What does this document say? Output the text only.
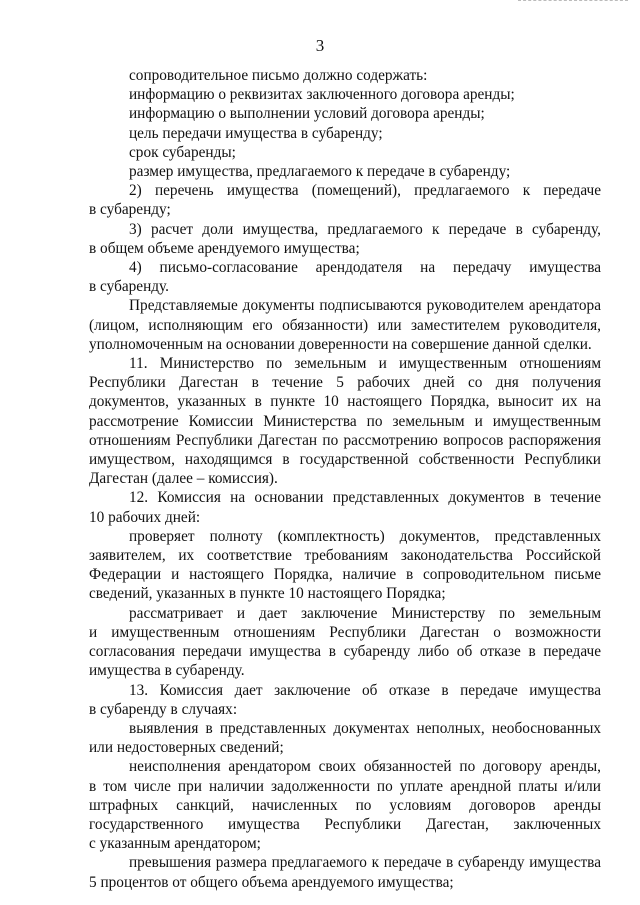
3
сопроводительное письмо должно содержать:
информацию о реквизитах заключенного договора аренды;
информацию о выполнении условий договора аренды;
цель передачи имущества в субаренду;
срок субаренды;
размер имущества, предлагаемого к передаче в субаренду;
2) перечень имущества (помещений), предлагаемого к передаче
в субаренду;
3) расчет доли имущества, предлагаемого к передаче в субаренду,
в общем объеме арендуемого имущества;
4) письмо-согласование арендодателя на передачу имущества
в субаренду.
Представляемые документы подписываются руководителем арендатора
(лицом, исполняющим его обязанности) или заместителем руководителя,
уполномоченным на основании доверенности на совершение данной сделки.
11. Министерство по земельным и имущественным отношениям
Республики Дагестан в течение 5 рабочих дней со дня получения
документов, указанных в пункте 10 настоящего Порядка, выносит их на
рассмотрение Комиссии Министерства по земельным и имущественным
отношениям Республики Дагестан по рассмотрению вопросов распоряжения
имуществом, находящимся в государственной собственности Республики
Дагестан (далее – комиссия).
12. Комиссия на основании представленных документов в течение
10 рабочих дней:
проверяет полноту (комплектность) документов, представленных
заявителем, их соответствие требованиям законодательства Российской
Федерации и настоящего Порядка, наличие в сопроводительном письме
сведений, указанных в пункте 10 настоящего Порядка;
рассматривает и дает заключение Министерству по земельным
и имущественным отношениям Республики Дагестан о возможности
согласования передачи имущества в субаренду либо об отказе в передаче
имущества в субаренду.
13. Комиссия дает заключение об отказе в передаче имущества
в субаренду в случаях:
выявления в представленных документах неполных, необоснованных
или недостоверных сведений;
неисполнения арендатором своих обязанностей по договору аренды,
в том числе при наличии задолженности по уплате арендной платы и/или
штрафных санкций, начисленных по условиям договоров аренды
государственного имущества Республики Дагестан, заключенных
с указанным арендатором;
превышения размера предлагаемого к передаче в субаренду имущества
5 процентов от общего объема арендуемого имущества;
